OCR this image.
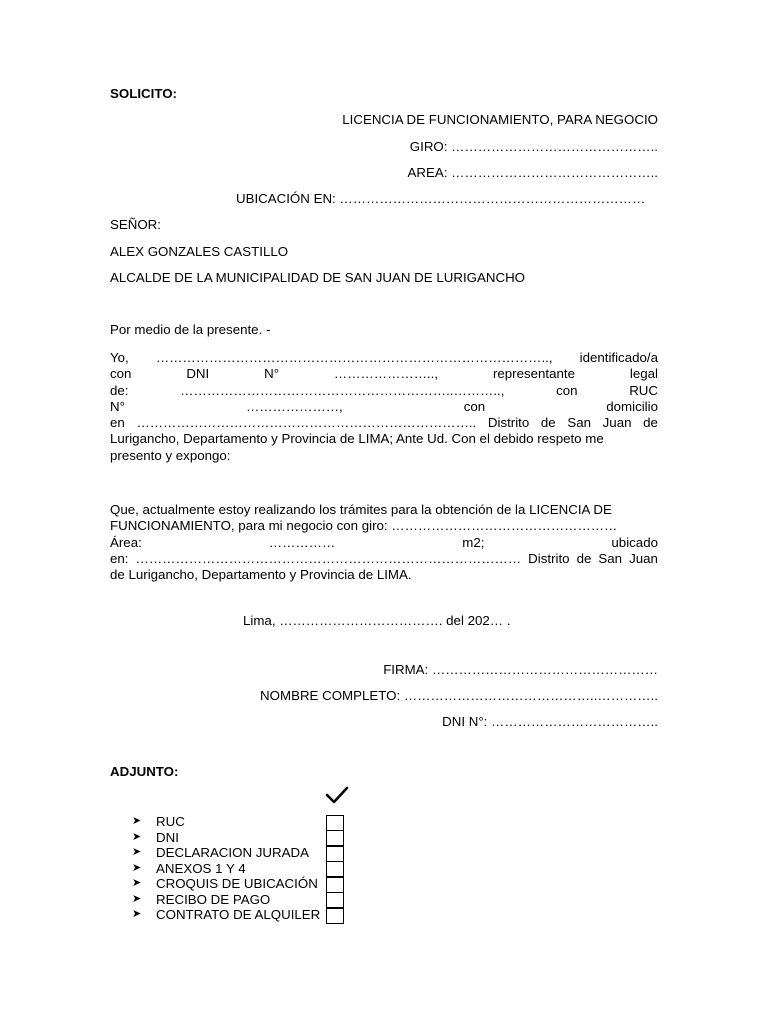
SOLICITO:
LICENCIA DE FUNCIONAMIENTO, PARA NEGOCIO
GIRO: ………………………………………..
AREA: ………………………………………..
UBICACIÓN EN: ……………………………………………………………
SEÑOR:
ALEX GONZALES CASTILLO
ALCALDE DE LA MUNICIPALIDAD DE SAN JUAN DE LURIGANCHO
Por medio de la presente. -
Yo, …………………………………………………………………………….., identificado/a
con	DNI	N°	…………………..,	representante	legal
de:	……………………………………………………..………..,	con	RUC
N°	…………………,	con	domicilio
en ………………………………………………………………….. Distrito de San Juan de
Lurigancho, Departamento y Provincia de LIMA; Ante Ud. Con el debido respeto me
presento y expongo:
Que, actualmente estoy realizando los trámites para la obtención de la LICENCIA DE
FUNCIONAMIENTO, para mi negocio con giro: ……………………………………………
Área:	……………	m2;	ubicado
en: …………………………………………………………………………… Distrito de San Juan
de Lurigancho, Departamento y Provincia de LIMA.
Lima, ………………………………. del 202… .
FIRMA: ……………………………………………
NOMBRE COMPLETO: ……………………………………..…………..
DNI N°: ………………………………..
ADJUNTO:
➤ RUC
➤ DNI
➤ DECLARACION JURADA
➤ ANEXOS 1 Y 4
➤ CROQUIS DE UBICACIÓN
➤ RECIBO DE PAGO
➤ CONTRATO DE ALQUILER
